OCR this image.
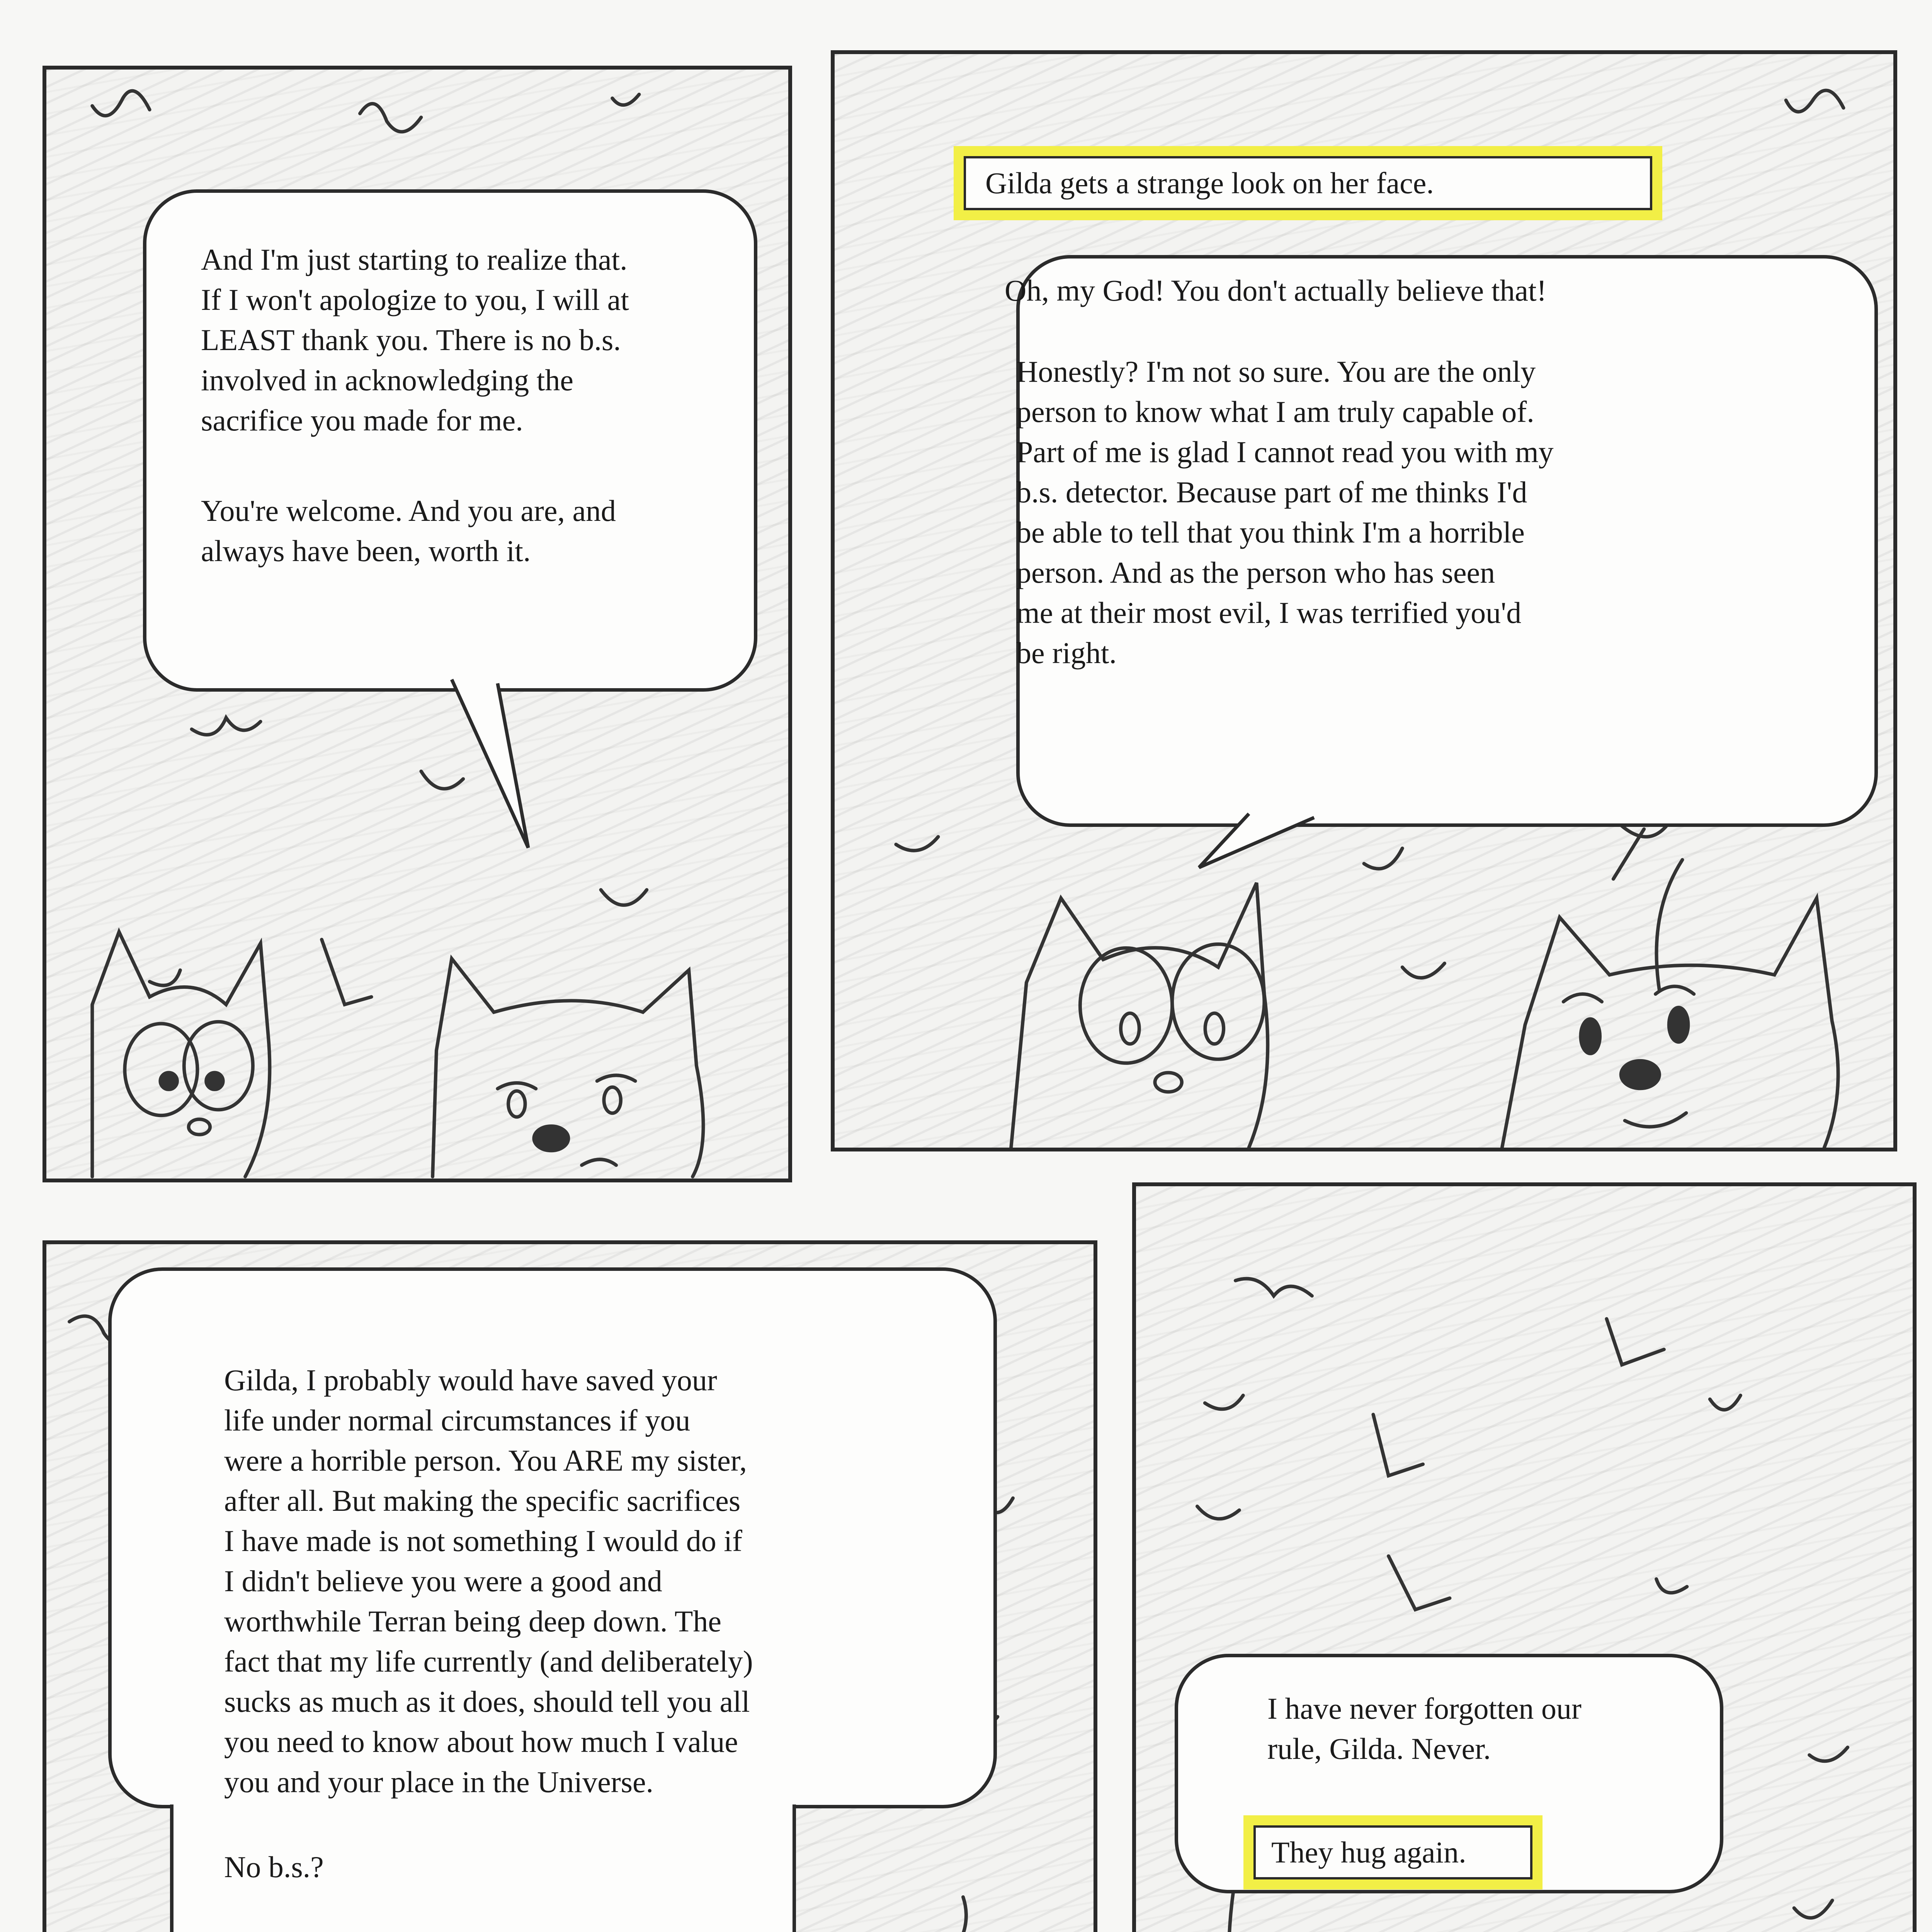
And I'm just starting to realize that.
If I won't apologize to you, I will at
LEAST thank you. There is no b.s.
involved in acknowledging the
sacrifice you made for me.
You're welcome. And you are, and
always have been, worth it.
Gilda gets a strange look on her face.
Oh, my God! You don't actually believe that!
Honestly? I'm not so sure. You are the only
person to know what I am truly capable of.
Part of me is glad I cannot read you with my
b.s. detector. Because part of me thinks I'd
be able to tell that you think I'm a horrible
person. And as the person who has seen
me at their most evil, I was terrified you'd
be right.
Gilda, I probably would have saved your
life under normal circumstances if you
were a horrible person. You ARE my sister,
after all. But making the specific sacrifices
I have made is not something I would do if
I didn't believe you were a good and
worthwhile Terran being deep down. The
fact that my life currently (and deliberately)
sucks as much as it does, should tell you all
you need to know about how much I value
you and your place in the Universe.
No b.s.?
I have never forgotten our
rule, Gilda. Never.
They hug again.
